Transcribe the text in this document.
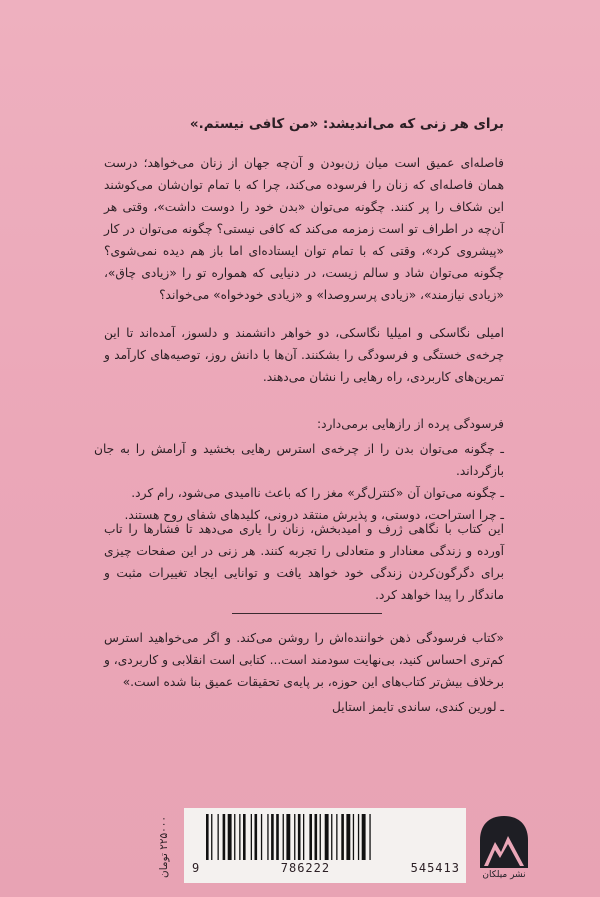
برای هر زنی که می‌اندیشد: «من کافی نیستم.»
فاصله‌ای عمیق است میان زن‌بودن و آن‌چه جهان از زنان می‌خواهد؛ درست همان فاصله‌ای که زنان را فرسوده می‌کند، چرا که با تمام توان‌شان می‌کوشند این شکاف را پر کنند. چگونه می‌توان «بدن خود را دوست داشت»، وقتی هر آن‌چه در اطراف تو است زمزمه می‌کند که کافی نیستی؟ چگونه می‌توان در کار «پیشروی کرد»، وقتی که با تمام توان ایستاده‌ای اما باز هم دیده نمی‌شوی؟ چگونه می‌توان شاد و سالم زیست، در دنیایی که همواره تو را «زیادی چاق»، «زیادی نیازمند»، «زیادی پرسروصدا» و «زیادی خودخواه» می‌خواند؟
امیلی نگاسکی و امیلیا نگاسکی، دو خواهر دانشمند و دلسوز، آمده‌اند تا این چرخه‌ی خستگی و فرسودگی را بشکنند. آن‌ها با دانش روز، توصیه‌های کارآمد و تمرین‌های کاربردی، راه رهایی را نشان می‌دهند.
فرسودگی پرده از رازهایی برمی‌دارد:
ـ چگونه می‌توان بدن را از چرخه‌ی استرس رهایی بخشید و آرامش را به جان بازگرداند.
ـ چگونه می‌توان آن «کنترل‌گر» مغز را که باعث ناامیدی می‌شود، رام کرد.
ـ چرا استراحت، دوستی، و پذیرش منتقد درونی، کلیدهای شفای روح هستند.
این کتاب با نگاهی ژرف و امیدبخش، زنان را یاری می‌دهد تا فشارها را تاب آورده و زندگی معنادار و متعادلی را تجربه کنند. هر زنی در این صفحات چیزی برای دگرگون‌کردن زندگی خود خواهد یافت و توانایی ایجاد تغییرات مثبت و ماندگار را پیدا خواهد کرد.
«کتاب فرسودگی ذهن خواننده‌اش را روشن می‌کند. و اگر می‌خواهید استرس کم‌تری احساس کنید، بی‌نهایت سودمند است... کتابی است انقلابی و کاربردی، و برخلاف بیش‌تر کتاب‌های این حوزه، بر پایه‌ی تحقیقات عمیق بنا شده است.»
ـ لورین کندی، ساندی تایمز استایل
۲۲۵۰۰۰ تومان
9	786222	545413	نشر میلکان
